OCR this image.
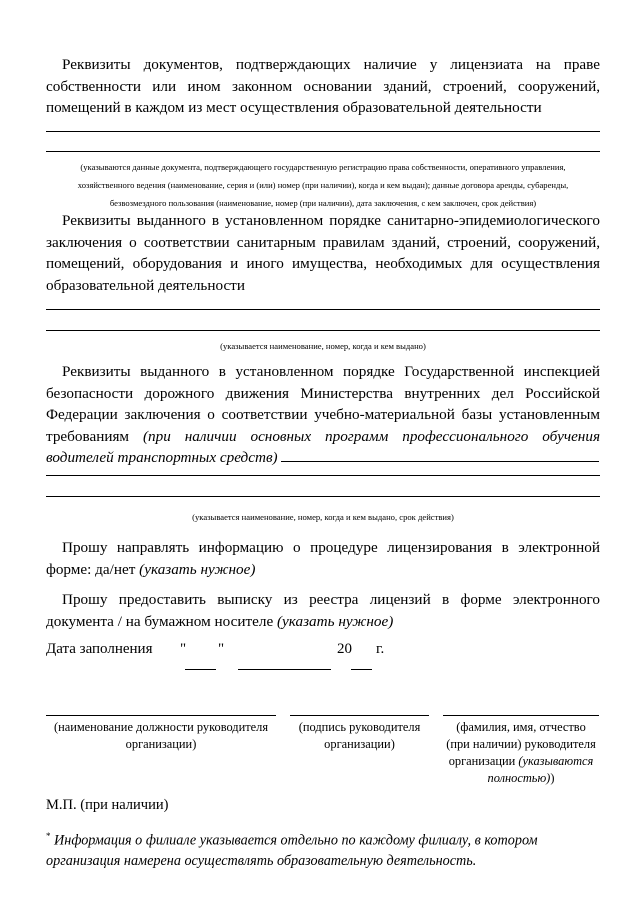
Реквизиты документов, подтверждающих наличие у лицензиата на праве собственности или ином законном основании зданий, строений, сооружений, помещений в каждом из мест осуществления образовательной деятельности

(указываются данные документа, подтверждающего государственную регистрацию права собственности, оперативного управления,

хозяйственного ведения (наименование, серия и (или) номер (при наличии), когда и кем выдан); данные договора аренды, субаренды,

безвозмездного пользования (наименование, номер (при наличии), дата заключения, с кем заключен, срок действия)

Реквизиты выданного в установленном порядке санитарно-эпидемиологического заключения о соответствии санитарным правилам зданий, строений, сооружений, помещений, оборудования и иного имущества, необходимых для осуществления образовательной деятельности

(указывается наименование, номер, когда и кем выдано)

Реквизиты выданного в установленном порядке Государственной инспекцией безопасности дорожного движения Министерства внутренних дел Российской Федерации заключения о соответствии учебно-материальной базы установленным требованиям (при наличии основных программ профессионального обучения водителей транспортных средств)

(указывается наименование, номер, когда и кем выдано, срок действия)

Прошу направлять информацию о процедуре лицензирования в электронной форме: да/нет (указать нужное)

Прошу предоставить выписку из реестра лицензий в форме электронного документа / на бумажном носителе (указать нужное)

Дата заполнения " "	20 г.

(наименование должности руководителя организации)

(подпись руководителя организации)

(фамилия, имя, отчество (при наличии) руководителя организации (указываются полностью))

М.П. (при наличии)

* Информация о филиале указывается отдельно по каждому филиалу, в котором организация намерена осуществлять образовательную деятельность.
